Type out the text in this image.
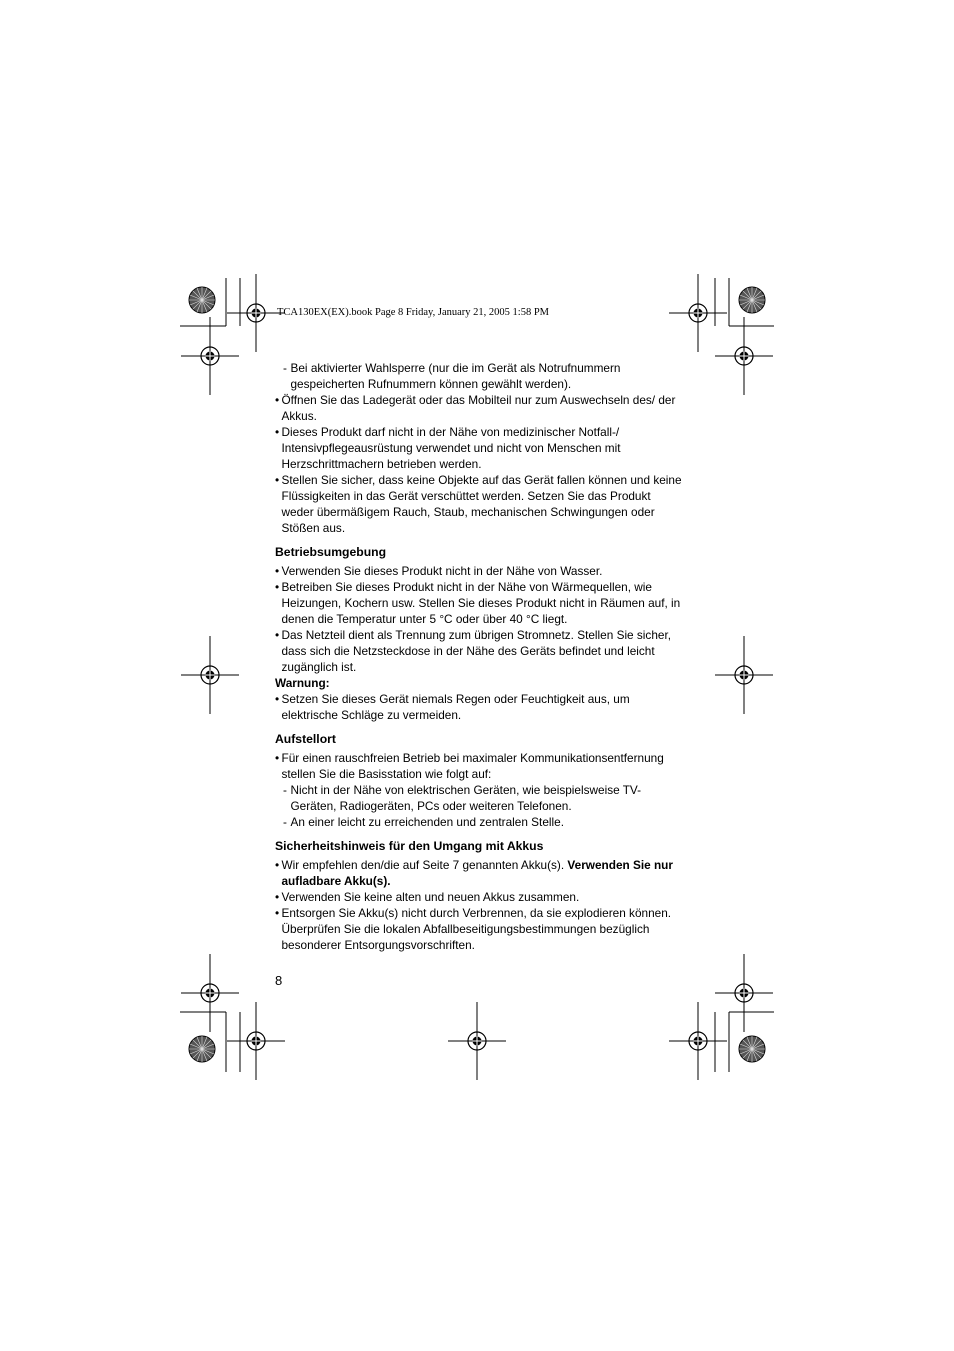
TCA130EX(EX).book Page 8 Friday, January 21, 2005 1:58 PM

- Bei aktivierter Wahlsperre (nur die im Gerät als Notrufnummern gespeicherten Rufnummern können gewählt werden).

• Öffnen Sie das Ladegerät oder das Mobilteil nur zum Auswechseln des/ der Akkus.

• Dieses Produkt darf nicht in der Nähe von medizinischer Notfall-/ Intensivpflegeausrüstung verwendet und nicht von Menschen mit Herzschrittmachern betrieben werden.

• Stellen Sie sicher, dass keine Objekte auf das Gerät fallen können und keine Flüssigkeiten in das Gerät verschüttet werden. Setzen Sie das Produkt weder übermäßigem Rauch, Staub, mechanischen Schwingungen oder Stößen aus.

Betriebsumgebung

• Verwenden Sie dieses Produkt nicht in der Nähe von Wasser.

• Betreiben Sie dieses Produkt nicht in der Nähe von Wärmequellen, wie Heizungen, Kochern usw. Stellen Sie dieses Produkt nicht in Räumen auf, in denen die Temperatur unter 5 °C oder über 40 °C liegt.

• Das Netzteil dient als Trennung zum übrigen Stromnetz. Stellen Sie sicher, dass sich die Netzsteckdose in der Nähe des Geräts befindet und leicht zugänglich ist.

Warnung:

• Setzen Sie dieses Gerät niemals Regen oder Feuchtigkeit aus, um elektrische Schläge zu vermeiden.

Aufstellort

• Für einen rauschfreien Betrieb bei maximaler Kommunikationsentfernung stellen Sie die Basisstation wie folgt auf:

- Nicht in der Nähe von elektrischen Geräten, wie beispielsweise TV-Geräten, Radiogeräten, PCs oder weiteren Telefonen.

- An einer leicht zu erreichenden und zentralen Stelle.

Sicherheitshinweis für den Umgang mit Akkus

• Wir empfehlen den/die auf Seite 7 genannten Akku(s). Verwenden Sie nur aufladbare Akku(s).

• Verwenden Sie keine alten und neuen Akkus zusammen.

• Entsorgen Sie Akku(s) nicht durch Verbrennen, da sie explodieren können. Überprüfen Sie die lokalen Abfallbeseitigungsbestimmungen bezüglich besonderer Entsorgungsvorschriften.

8
